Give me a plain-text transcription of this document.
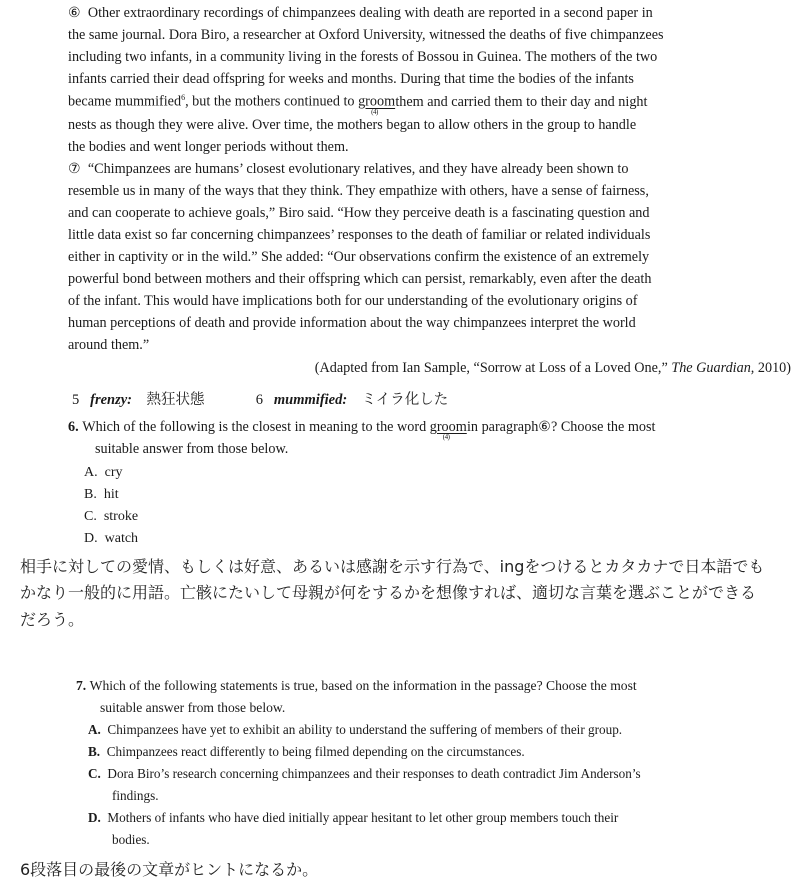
⑥ Other extraordinary recordings of chimpanzees dealing with death are reported in a second paper in
the same journal. Dora Biro, a researcher at Oxford University, witnessed the deaths of five chimpanzees
including two infants, in a community living in the forests of Bossou in Guinea. The mothers of the two
infants carried their dead offspring for weeks and months. During that time the bodies of the infants
became mummified$^6$, but the mothers continued to groom$_{(4)}$ them and carried them to their day and night
nests as though they were alive. Over time, the mothers began to allow others in the group to handle
the bodies and went longer periods without them.
⑦ “Chimpanzees are humans’ closest evolutionary relatives, and they have already been shown to
resemble us in many of the ways that they think. They empathize with others, have a sense of fairness,
and can cooperate to achieve goals,” Biro said. “How they perceive death is a fascinating question and
little data exist so far concerning chimpanzees’ responses to the death of familiar or related individuals
either in captivity or in the wild.” She added: “Our observations confirm the existence of an extremely
powerful bond between mothers and their offspring which can persist, remarkably, even after the death
of the infant. This would have implications both for our understanding of the evolutionary origins of
human perceptions of death and provide information about the way chimpanzees interpret the world
around them.”
(Adapted from Ian Sample, “Sorrow at Loss of a Loved One,” The Guardian, 2010)
5 frenzy: 熱狂状態	6 mummified: ミイラ化した
6. Which of the following is the closest in meaning to the word groom$_{(4)}$ in paragraph⑥? Choose the most
suitable answer from those below.
A. cry
B. hit
C. stroke
D. watch
相手に対しての愛情、もしくは好意、あるいは感謝を示す行為で、ingをつけるとカタカナで日本語でも
かなり一般的に用語。亡骸にたいして母親が何をするかを想像すれば、適切な言葉を選ぶことができる
だろう。
7. Which of the following statements is true, based on the information in the passage? Choose the most
suitable answer from those below.
A. Chimpanzees have yet to exhibit an ability to understand the suffering of members of their group.
B. Chimpanzees react differently to being filmed depending on the circumstances.
C. Dora Biro’s research concerning chimpanzees and their responses to death contradict Jim Anderson’s
findings.
D. Mothers of infants who have died initially appear hesitant to let other group members touch their
bodies.
6段落目の最後の文章がヒントになるか。
